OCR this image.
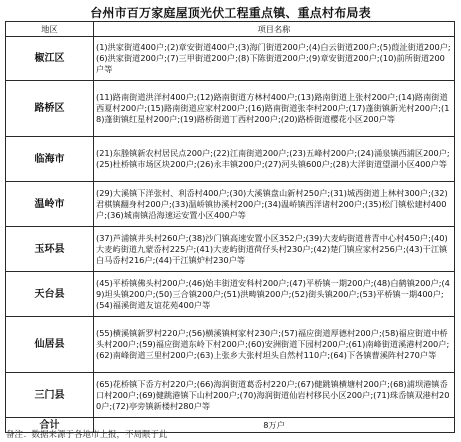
台州市百万家庭屋顶光伏工程重点镇、重点村布局表
地区	项目名称
椒江区	(1)洪家街道400户;(2)章安街道400户;(3)海门街道200户;(4)白云街道200户;(5)葭沚街道200户;(6)洪家街道200户;(7)三甲街道200户;(8)下陈街道200户;(9)章安街道200户;(10)前所街道200户等
路桥区	(11)路南街道洪洋村400户;(12)路南街道方林村400户;(13)路南街道上张村200户;(14)路南街道西夏村200户;(15)路南街道应家村200户;(16)路南街道张李村200户;(17)蓬街镇新光村200户;(18)蓬街镇红星村200户;(19)路桥街道丁西村200户;(20)路桥街道樱花小区200户等
临海市	(21)东塍镇新农村居民点200户;(22)江南街道200户;(23)五峰村200户;(24)涌泉镇西浦区200户;(25)杜桥镇市场区块200户;(26)永丰镇200户;(27)河头镇600户;(28)大洋街道望湖小区400户等
温岭市	(29)大溪镇下洋张村、利岙村400户;(30)大溪镇盘山新村250户;(31)城西街道上林村300户;(32)君棋镇翻身村200户;(33)温峤镇协溪村200户;(34)温峤镇西洋诸村200户;(35)松门镇松建村400户;(36)城南镇沿海速运安置小区400户等
玉环县	(37)芦浦镇井头村260户;(38)沙门镇高速安置小区352户;(39)大麦屿街道普青中心村450户;(40)大麦屿街道九蒙岙村225户;(41)大麦屿街道荷仔头村230户;(42)楚门镇应家村256户;(43)干江镇白马岙村216户;(44)干江镇炉村230户等
天台县	(45)平桥镇佛头村200户;(46)始丰街道安科村200户;(47)平桥镇一期200户;(48)白鹤镇200户;(49)坦头镇200户;(50)三合镇200户;(51)洪畴镇200户;(52)街头镇200户;(53)平桥镇一期400户;(54)福溪街道友谊花苑400户等
仙居县	(55)横溪镇新罗村220户;(56)横溪镇柯家村230户;(57)福应街道厚德村200户;(58)福应街道中桥头村200户;(59)福应街道东岭下村200户;(60)安洲街道下园村200户;(61)南峰街道溪港村200户;(62)南峰街道三里村200户;(63)上张乡大张村坦头自然村110户;(64)下各镇曹溪阵村270户等
三门县	(65)花桥镇下岙方村220户;(66)海润街道葛岙村220户;(67)健跳镇横塘村200户;(68)浦坝港镇岙口村200户;(69)健跳港镇下山村200户;(70)海润街道仙岩村移民小区200户;(71)珠岙镇双港村200户;(72)亭旁镇新楼村280户等
合计	8万户
备注：数据来源于各地市上报，不局限于此
